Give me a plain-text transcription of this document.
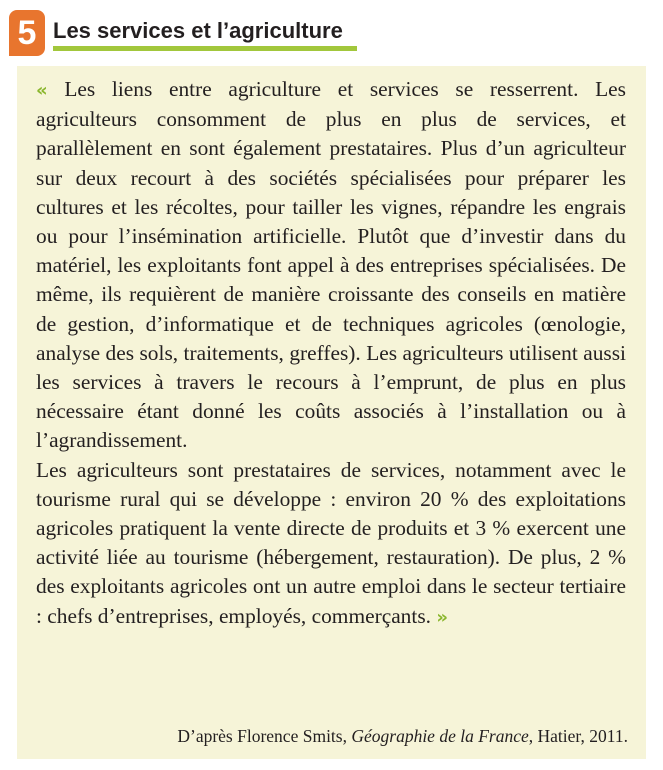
5 Les services et l’agriculture

« Les liens entre agriculture et services se resserrent. Les agriculteurs consomment de plus en plus de services, et parallèlement en sont également prestataires. Plus d’un agriculteur sur deux recourt à des sociétés spécialisées pour préparer les cultures et les récoltes, pour tailler les vignes, répandre les engrais ou pour l’insémination artificielle. Plutôt que d’investir dans du matériel, les exploitants font appel à des entreprises spécialisées. De même, ils requièrent de manière croissante des conseils en matière de gestion, d’informatique et de techniques agricoles (œnologie, analyse des sols, traitements, greffes). Les agriculteurs utilisent aussi les services à travers le recours à l’emprunt, de plus en plus nécessaire étant donné les coûts associés à l’installation ou à l’agrandissement.

Les agriculteurs sont prestataires de services, notamment avec le tourisme rural qui se développe : environ 20 % des exploitations agricoles pratiquent la vente directe de produits et 3 % exercent une activité liée au tourisme (hébergement, restauration). De plus, 2 % des exploitants agricoles ont un autre emploi dans le secteur tertiaire : chefs d’entreprises, employés, commerçants. »

D’après Florence Smits, Géographie de la France, Hatier, 2011.
